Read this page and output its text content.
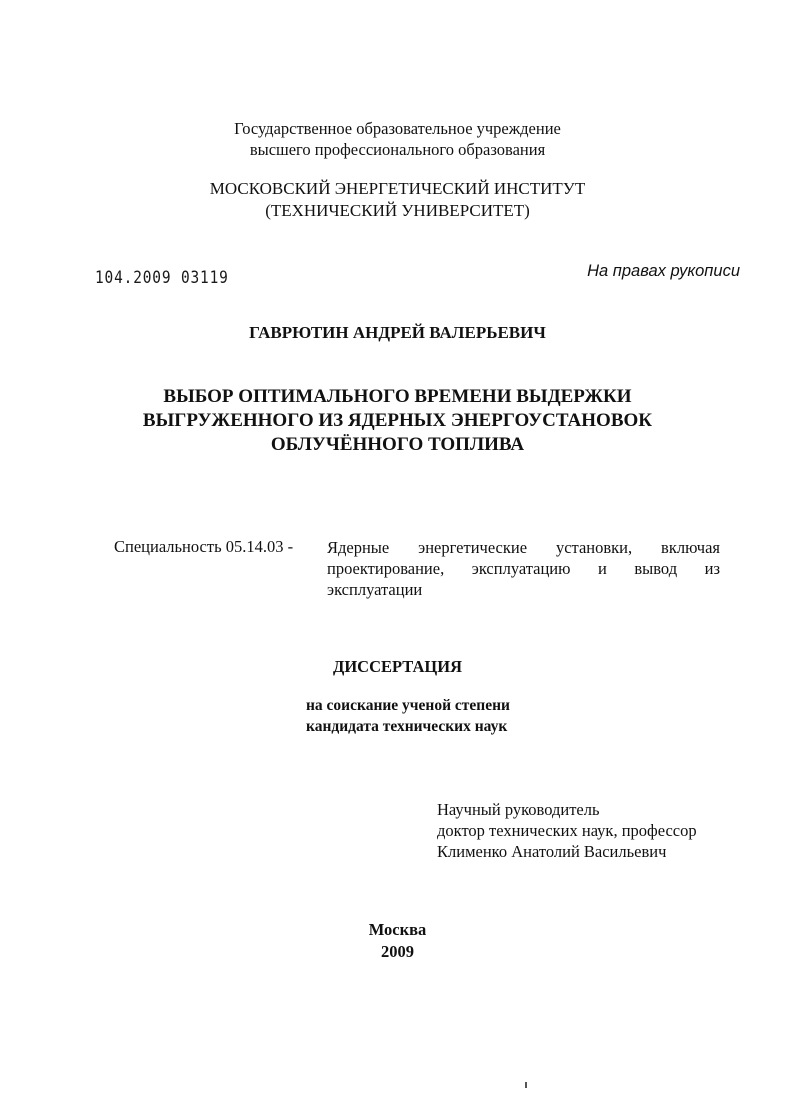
Государственное образовательное учреждение
высшего профессионального образования
МОСКОВСКИЙ ЭНЕРГЕТИЧЕСКИЙ ИНСТИТУТ
(ТЕХНИЧЕСКИЙ УНИВЕРСИТЕТ)
104.2009 03119	На правах рукописи
ГАВРЮТИН АНДРЕЙ ВАЛЕРЬЕВИЧ
ВЫБОР ОПТИМАЛЬНОГО ВРЕМЕНИ ВЫДЕРЖКИ
ВЫГРУЖЕННОГО ИЗ ЯДЕРНЫХ ЭНЕРГОУСТАНОВОК
ОБЛУЧЁННОГО ТОПЛИВА
Специальность 05.14.03 - Ядерные энергетические установки, включая проектирование, эксплуатацию и вывод из эксплуатации
ДИССЕРТАЦИЯ
на соискание ученой степени
кандидата технических наук
Научный руководитель
доктор технических наук, профессор
Клименко Анатолий Васильевич
Москва
2009
